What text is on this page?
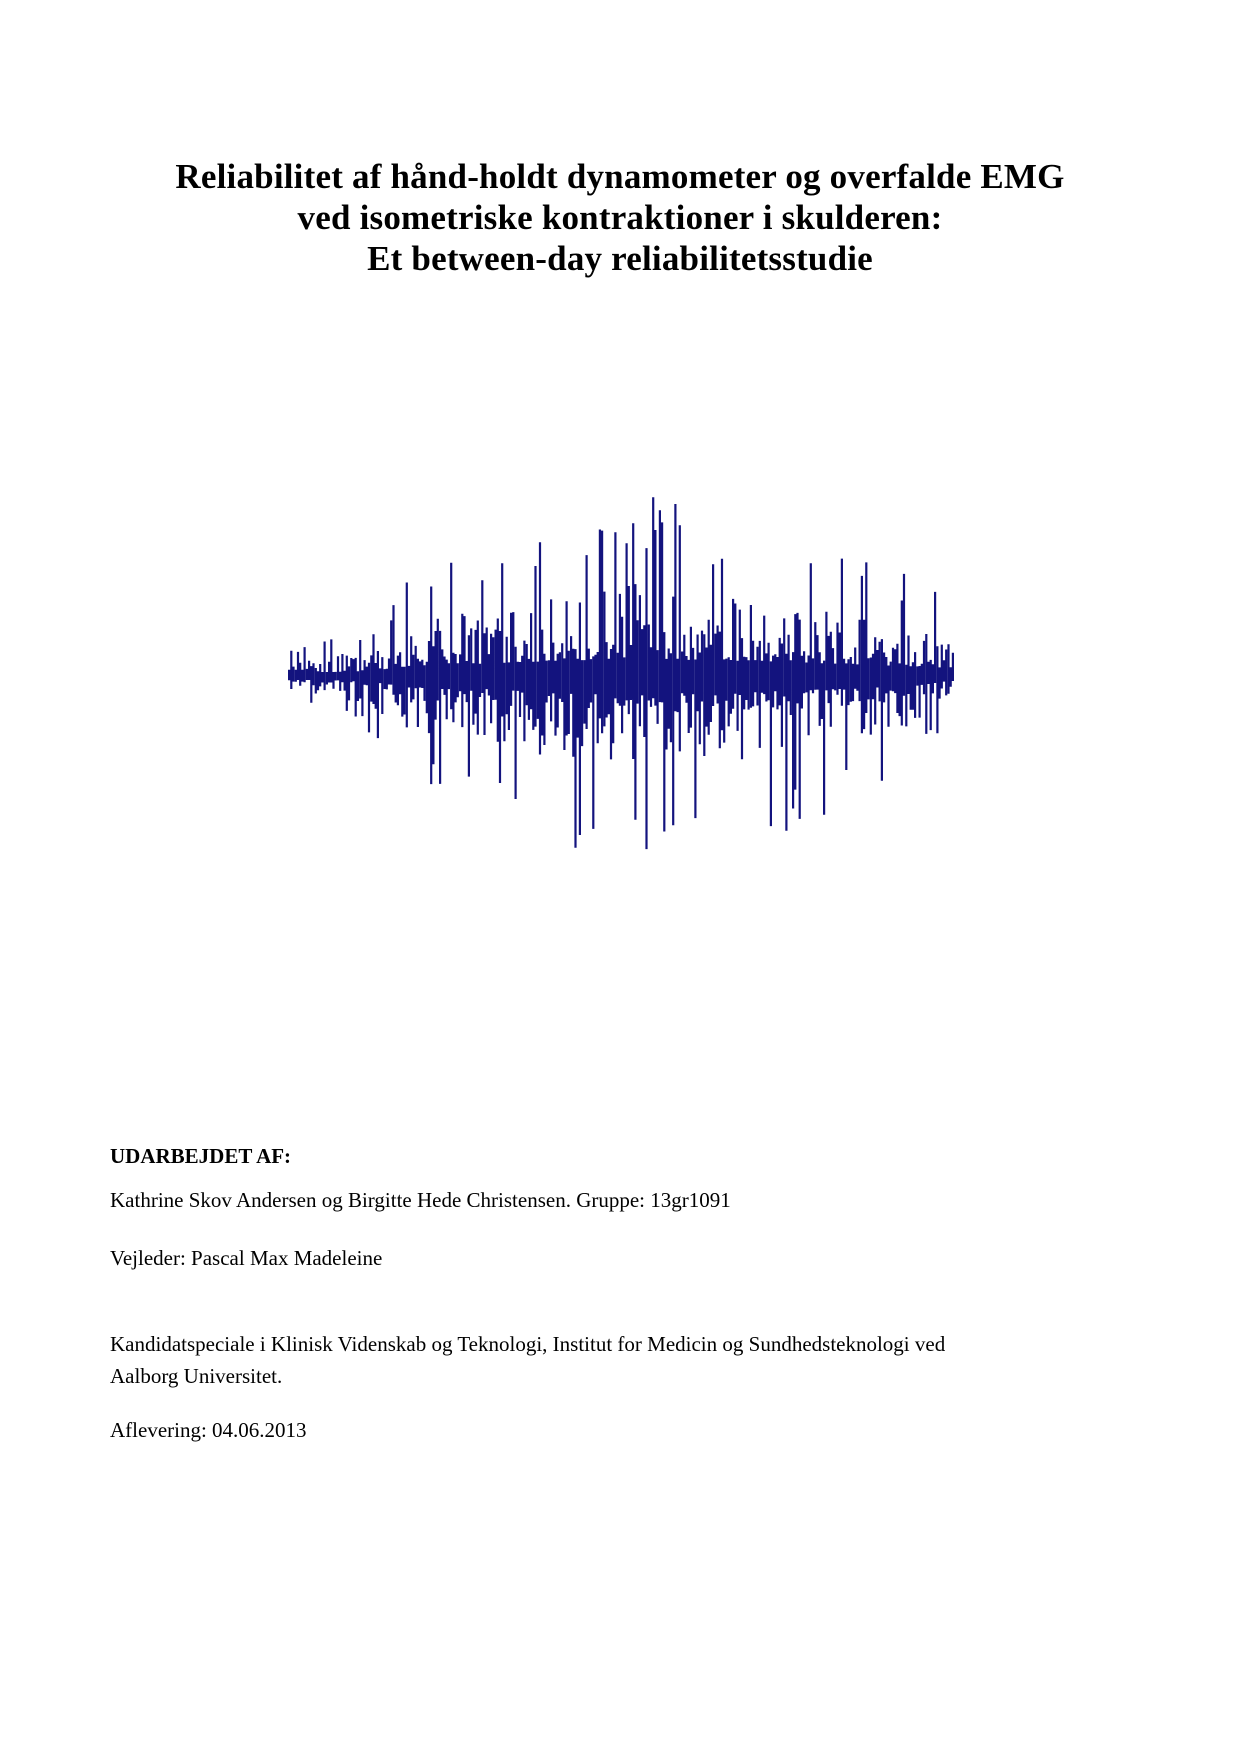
Reliabilitet af hånd-holdt dynamometer og overfalde EMG
ved isometriske kontraktioner i skulderen:
Et between-day reliabilitetsstudie
UDARBEJDET AF:
Kathrine Skov Andersen og Birgitte Hede Christensen. Gruppe: 13gr1091
Vejleder: Pascal Max Madeleine
Kandidatspeciale i Klinisk Videnskab og Teknologi, Institut for Medicin og Sundhedsteknologi ved
Aalborg Universitet.
Aflevering: 04.06.2013
